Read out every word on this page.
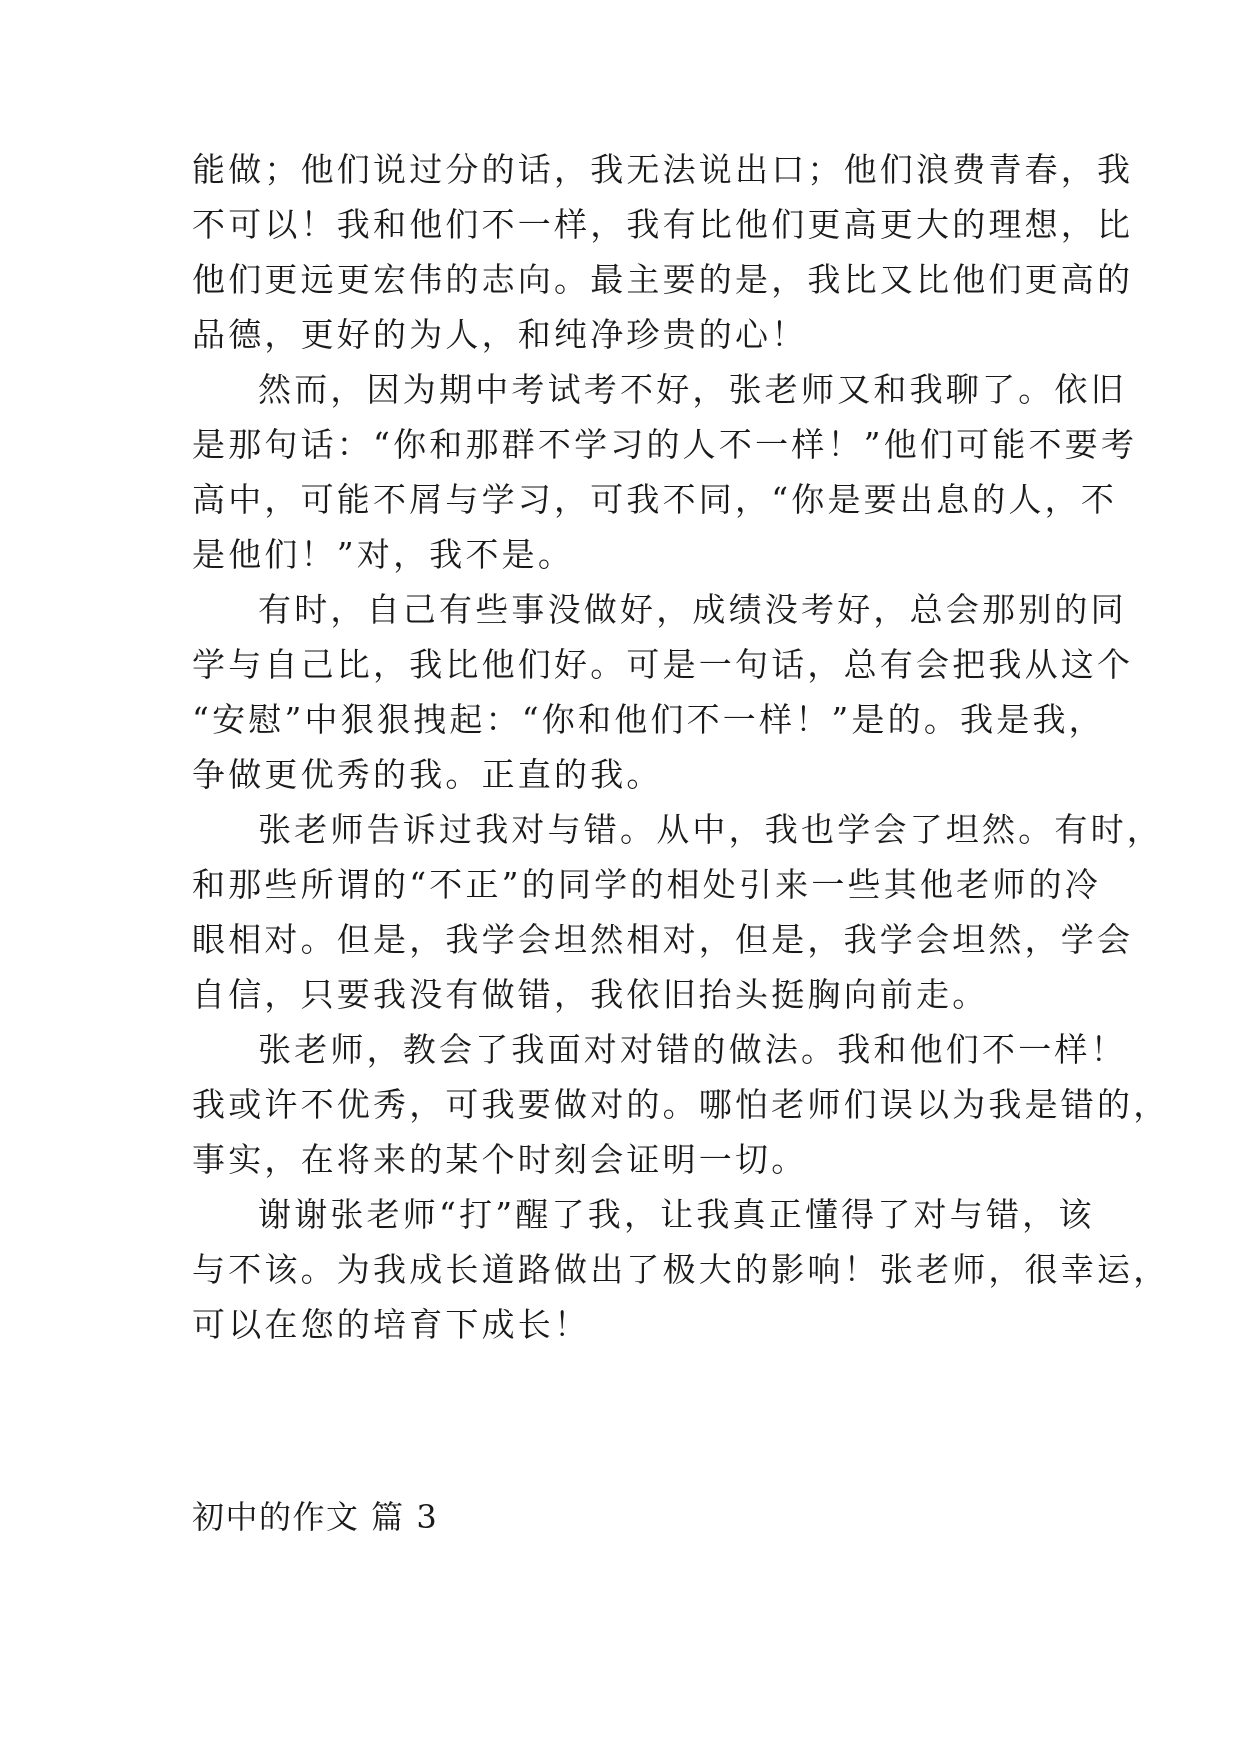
能做；他们说过分的话，我无法说出口；他们浪费青春，我
不可以！我和他们不一样，我有比他们更高更大的理想，比
他们更远更宏伟的志向。最主要的是，我比又比他们更高的
品德，更好的为人，和纯净珍贵的心！
然而，因为期中考试考不好，张老师又和我聊了。依旧
是那句话：“你和那群不学习的人不一样！”他们可能不要考
高中，可能不屑与学习，可我不同，“你是要出息的人，不
是他们！”对，我不是。
有时，自己有些事没做好，成绩没考好，总会那别的同
学与自己比，我比他们好。可是一句话，总有会把我从这个
“安慰”中狠狠拽起：“你和他们不一样！”是的。我是我，
争做更优秀的我。正直的我。
张老师告诉过我对与错。从中，我也学会了坦然。有时，
和那些所谓的“不正”的同学的相处引来一些其他老师的冷
眼相对。但是，我学会坦然相对，但是，我学会坦然，学会
自信，只要我没有做错，我依旧抬头挺胸向前走。
张老师，教会了我面对对错的做法。我和他们不一样！
我或许不优秀，可我要做对的。哪怕老师们误以为我是错的，
事实，在将来的某个时刻会证明一切。
谢谢张老师“打”醒了我，让我真正懂得了对与错，该
与不该。为我成长道路做出了极大的影响！张老师，很幸运，
可以在您的培育下成长！
初中的作文 篇 3
